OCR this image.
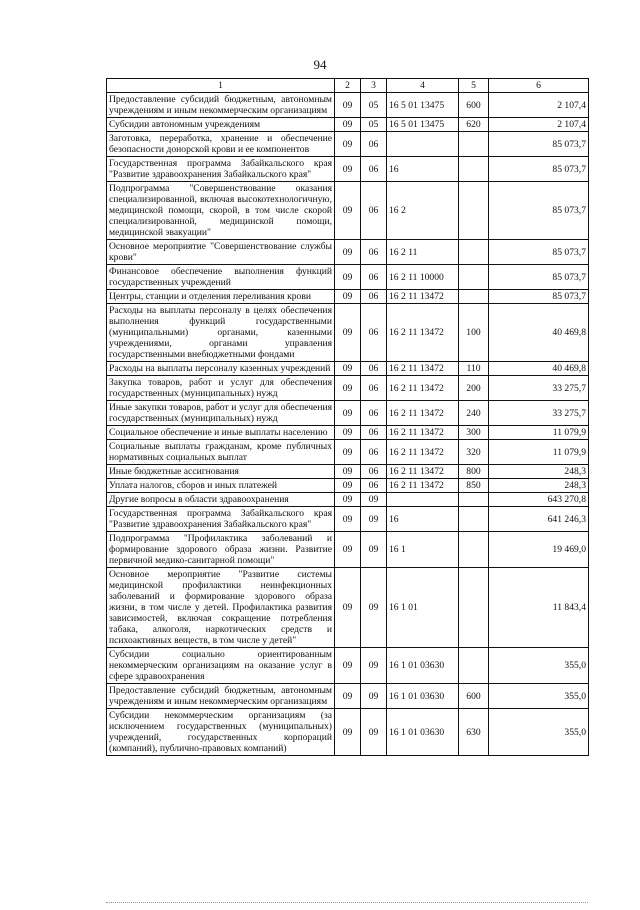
94
1	2	3	4	5	6
Предоставление субсидий бюджетным, автономным учреждениям и иным некоммерческим организациям	09	05	16 5 01 13475	600	2 107,4
Субсидии автономным учреждениям	09	05	16 5 01 13475	620	2 107,4
Заготовка, переработка, хранение и обеспечение безопасности донорской крови и ее компонентов	09	06			85 073,7
Государственная программа Забайкальского края "Развитие здравоохранения Забайкальского края"	09	06	16		85 073,7
Подпрограмма "Совершенствование оказания специализированной, включая высокотехнологичную, медицинской помощи, скорой, в том числе скорой специализированной, медицинской помощи, медицинской эвакуации"	09	06	16 2		85 073,7
Основное мероприятие "Совершенствование службы крови"	09	06	16 2 11		85 073,7
Финансовое обеспечение выполнения функций государственных учреждений	09	06	16 2 11 10000		85 073,7
Центры, станции и отделения переливания крови	09	06	16 2 11 13472		85 073,7
Расходы на выплаты персоналу в целях обеспечения выполнения функций государственными (муниципальными) органами, казенными учреждениями, органами управления государственными внебюджетными фондами	09	06	16 2 11 13472	100	40 469,8
Расходы на выплаты персоналу казенных учреждений	09	06	16 2 11 13472	110	40 469,8
Закупка товаров, работ и услуг для обеспечения государственных (муниципальных) нужд	09	06	16 2 11 13472	200	33 275,7
Иные закупки товаров, работ и услуг для обеспечения государственных (муниципальных) нужд	09	06	16 2 11 13472	240	33 275,7
Социальное обеспечение и иные выплаты населению	09	06	16 2 11 13472	300	11 079,9
Социальные выплаты гражданам, кроме публичных нормативных социальных выплат	09	06	16 2 11 13472	320	11 079,9
Иные бюджетные ассигнования	09	06	16 2 11 13472	800	248,3
Уплата налогов, сборов и иных платежей	09	06	16 2 11 13472	850	248,3
Другие вопросы в области здравоохранения	09	09			643 270,8
Государственная программа Забайкальского края "Развитие здравоохранения Забайкальского края"	09	09	16		641 246,3
Подпрограмма "Профилактика заболеваний и формирование здорового образа жизни. Развитие первичной медико-санитарной помощи"	09	09	16 1		19 469,0
Основное мероприятие "Развитие системы медицинской профилактики неинфекционных заболеваний и формирование здорового образа жизни, в том числе у детей. Профилактика развития зависимостей, включая сокращение потребления табака, алкоголя, наркотических средств и психоактивных веществ, в том числе у детей"	09	09	16 1 01		11 843,4
Субсидии социально ориентированным некоммерческим организациям на оказание услуг в сфере здравоохранения	09	09	16 1 01 03630		355,0
Предоставление субсидий бюджетным, автономным учреждениям и иным некоммерческим организациям	09	09	16 1 01 03630	600	355,0
Субсидии некоммерческим организациям (за исключением государственных (муниципальных) учреждений, государственных корпораций (компаний), публично-правовых компаний)	09	09	16 1 01 03630	630	355,0
